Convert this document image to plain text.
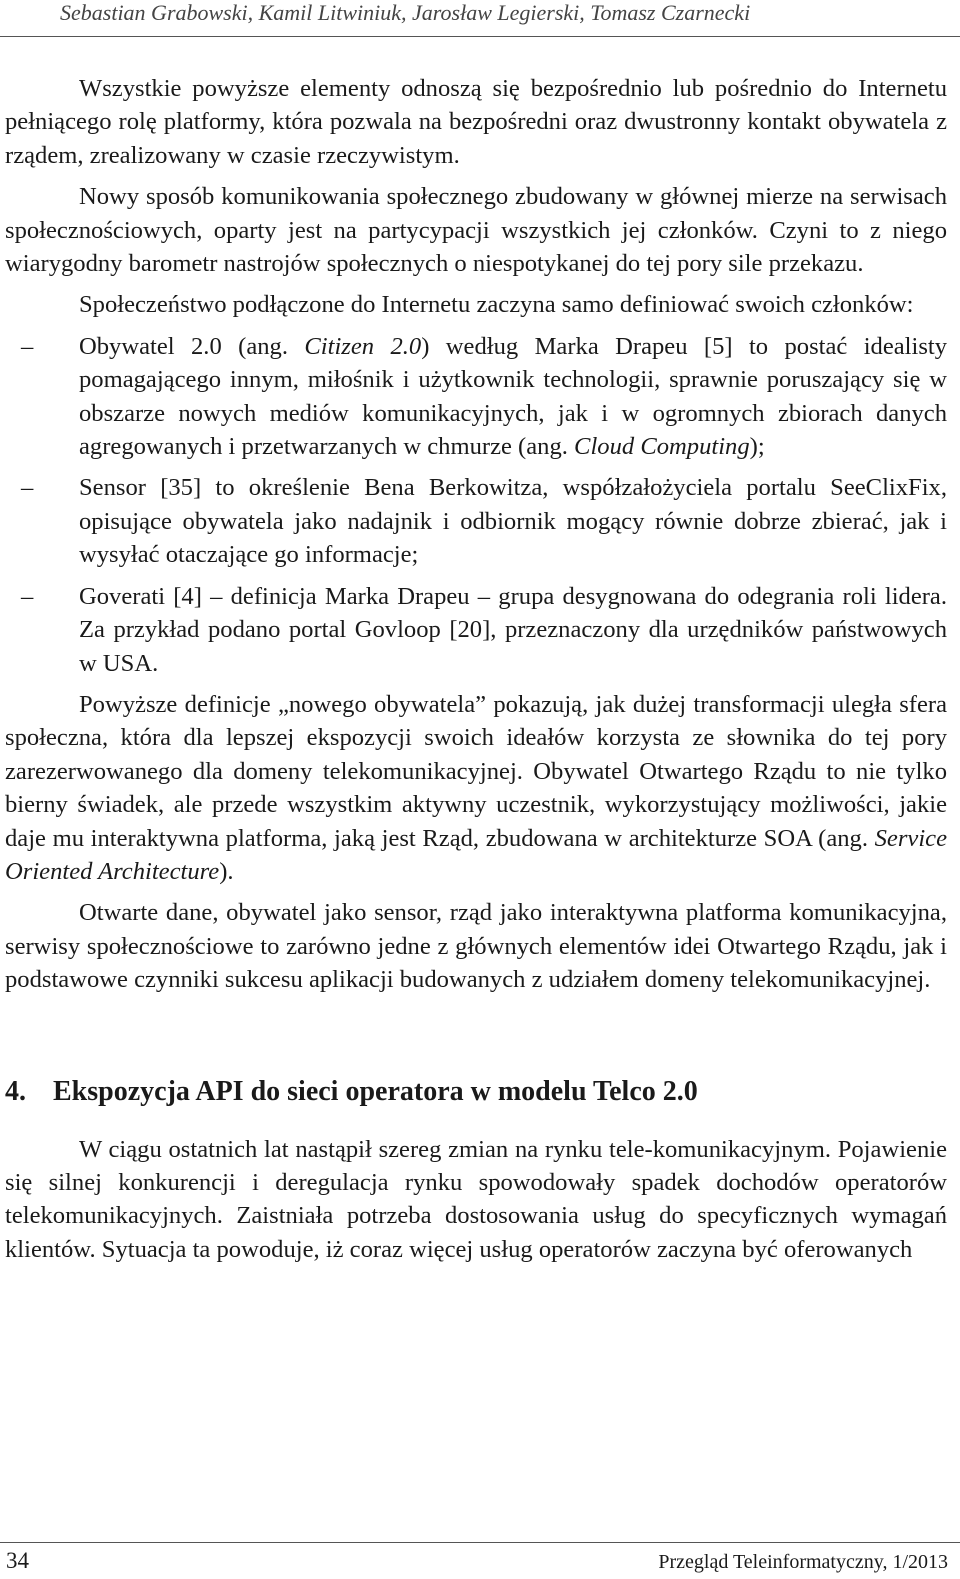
Sebastian Grabowski, Kamil Litwiniuk, Jarosław Legierski, Tomasz Czarnecki

Wszystkie powyższe elementy odnoszą się bezpośrednio lub pośrednio do Internetu pełniącego rolę platformy, która pozwala na bezpośredni oraz dwustronny kontakt obywatela z rządem, zrealizowany w czasie rzeczywistym.

Nowy sposób komunikowania społecznego zbudowany w głównej mierze na serwisach społecznościowych, oparty jest na partycypacji wszystkich jej członków. Czyni to z niego wiarygodny barometr nastrojów społecznych o niespotykanej do tej pory sile przekazu.

Społeczeństwo podłączone do Internetu zaczyna samo definiować swoich członków:

– Obywatel 2.0 (ang. Citizen 2.0) według Marka Drapeu [5] to postać idealisty pomagającego innym, miłośnik i użytkownik technologii, sprawnie poruszający się w obszarze nowych mediów komunikacyjnych, jak i w ogromnych zbiorach danych agregowanych i przetwarzanych w chmurze (ang. Cloud Computing);
– Sensor [35] to określenie Bena Berkowitza, współzałożyciela portalu SeeClixFix, opisujące obywatela jako nadajnik i odbiornik mogący równie dobrze zbierać, jak i wysyłać otaczające go informacje;
– Goverati [4] – definicja Marka Drapeu – grupa desygnowana do odegrania roli lidera. Za przykład podano portal Govloop [20], przeznaczony dla urzędników państwowych w USA.

Powyższe definicje „nowego obywatela” pokazują, jak dużej transformacji uległa sfera społeczna, która dla lepszej ekspozycji swoich ideałów korzysta ze słownika do tej pory zarezerwowanego dla domeny telekomunikacyjnej. Obywatel Otwartego Rządu to nie tylko bierny świadek, ale przede wszystkim aktywny uczestnik, wykorzystujący możliwości, jakie daje mu interaktywna platforma, jaką jest Rząd, zbudowana w architekturze SOA (ang. Service Oriented Architecture).

Otwarte dane, obywatel jako sensor, rząd jako interaktywna platforma komunikacyjna, serwisy społecznościowe to zarówno jedne z głównych elementów idei Otwartego Rządu, jak i podstawowe czynniki sukcesu aplikacji budowanych z udziałem domeny telekomunikacyjnej.

4. Ekspozycja API do sieci operatora w modelu Telco 2.0

W ciągu ostatnich lat nastąpił szereg zmian na rynku tele-komunikacyjnym. Pojawienie się silnej konkurencji i deregulacja rynku spowodowały spadek dochodów operatorów telekomunikacyjnych. Zaistniała potrzeba dostosowania usług do specyficznych wymagań klientów. Sytuacja ta powoduje, iż coraz więcej usług operatorów zaczyna być oferowanych

34	Przegląd Teleinformatyczny, 1/2013
